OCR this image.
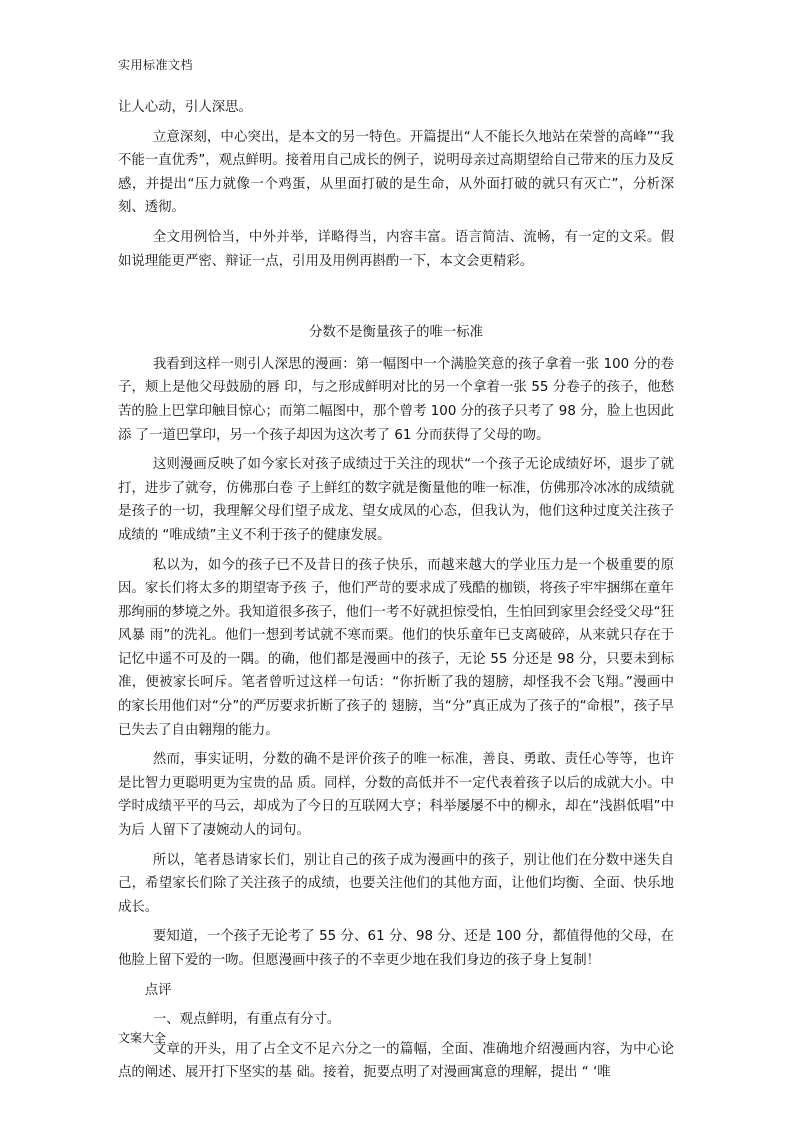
实用标准文档

让人心动，引人深思。

立意深刻，中心突出，是本文的另一特色。开篇提出“人不能长久地站在荣誉的高峰”“我不能一直优秀”，观点鲜明。接着用自己成长的例子，说明母亲过高期望给自己带来的压力及反感，并提出“压力就像一个鸡蛋，从里面打破的是生命，从外面打破的就只有灭亡”，分析深刻、透彻。

全文用例恰当，中外并举，详略得当，内容丰富。语言简洁、流畅，有一定的文采。假如说理能更严密、辩证一点，引用及用例再斟酌一下，本文会更精彩。

分数不是衡量孩子的唯一标准

我看到这样一则引人深思的漫画：第一幅图中一个满脸笑意的孩子拿着一张 100 分的卷子，颊上是他父母鼓励的唇 印，与之形成鲜明对比的另一个拿着一张 55 分卷子的孩子，他愁苦的脸上巴掌印触目惊心；而第二幅图中，那个曾考 100 分的孩子只考了 98 分，脸上也因此添 了一道巴掌印，另一个孩子却因为这次考了 61 分而获得了父母的吻。

这则漫画反映了如今家长对孩子成绩过于关注的现状“一个孩子无论成绩好坏，退步了就打，进步了就夸，仿佛那白卷 子上鲜红的数字就是衡量他的唯一标准，仿佛那冷冰冰的成绩就是孩子的一切，我理解父母们望子成龙、望女成凤的心态，但我认为，他们这种过度关注孩子成绩的 “唯成绩”主义不利于孩子的健康发展。

私以为，如今的孩子已不及昔日的孩子快乐，而越来越大的学业压力是一个极重要的原因。家长们将太多的期望寄予孩 子，他们严苛的要求成了残酷的枷锁，将孩子牢牢捆绑在童年那绚丽的梦境之外。我知道很多孩子，他们一考不好就担惊受怕，生怕回到家里会经受父母“狂风暴 雨”的洗礼。他们一想到考试就不寒而栗。他们的快乐童年已支离破碎，从来就只存在于记忆中遥不可及的一隅。的确，他们都是漫画中的孩子，无论 55 分还是 98 分，只要未到标准，便被家长呵斥。笔者曾听过这样一句话：“你折断了我的翅膀，却怪我不会飞翔。”漫画中的家长用他们对“分”的严厉要求折断了孩子的 翅膀，当“分”真正成为了孩子的“命根”，孩子早已失去了自由翱翔的能力。

然而，事实证明，分数的确不是评价孩子的唯一标准，善良、勇敢、责任心等等，也许是比智力更聪明更为宝贵的品 质。同样，分数的高低并不一定代表着孩子以后的成就大小。中学时成绩平平的马云，却成为了今日的互联网大亨；科举屡屡不中的柳永，却在“浅斟低唱”中为后 人留下了凄婉动人的词句。

所以，笔者恳请家长们，别让自己的孩子成为漫画中的孩子，别让他们在分数中迷失自己，希望家长们除了关注孩子的成绩，也要关注他们的其他方面，让他们均衡、全面、快乐地成长。

要知道，一个孩子无论考了 55 分、61 分、98 分、还是 100 分，都值得他的父母，在他脸上留下爱的一吻。但愿漫画中孩子的不幸更少地在我们身边的孩子身上复制！

点评

一、观点鲜明，有重点有分寸。

文章的开头，用了占全文不足六分之一的篇幅，全面、准确地介绍漫画内容，为中心论点的阐述、展开打下坚实的基 础。接着，扼要点明了对漫画寓意的理解，提出 “ ‘唯

文案大全
